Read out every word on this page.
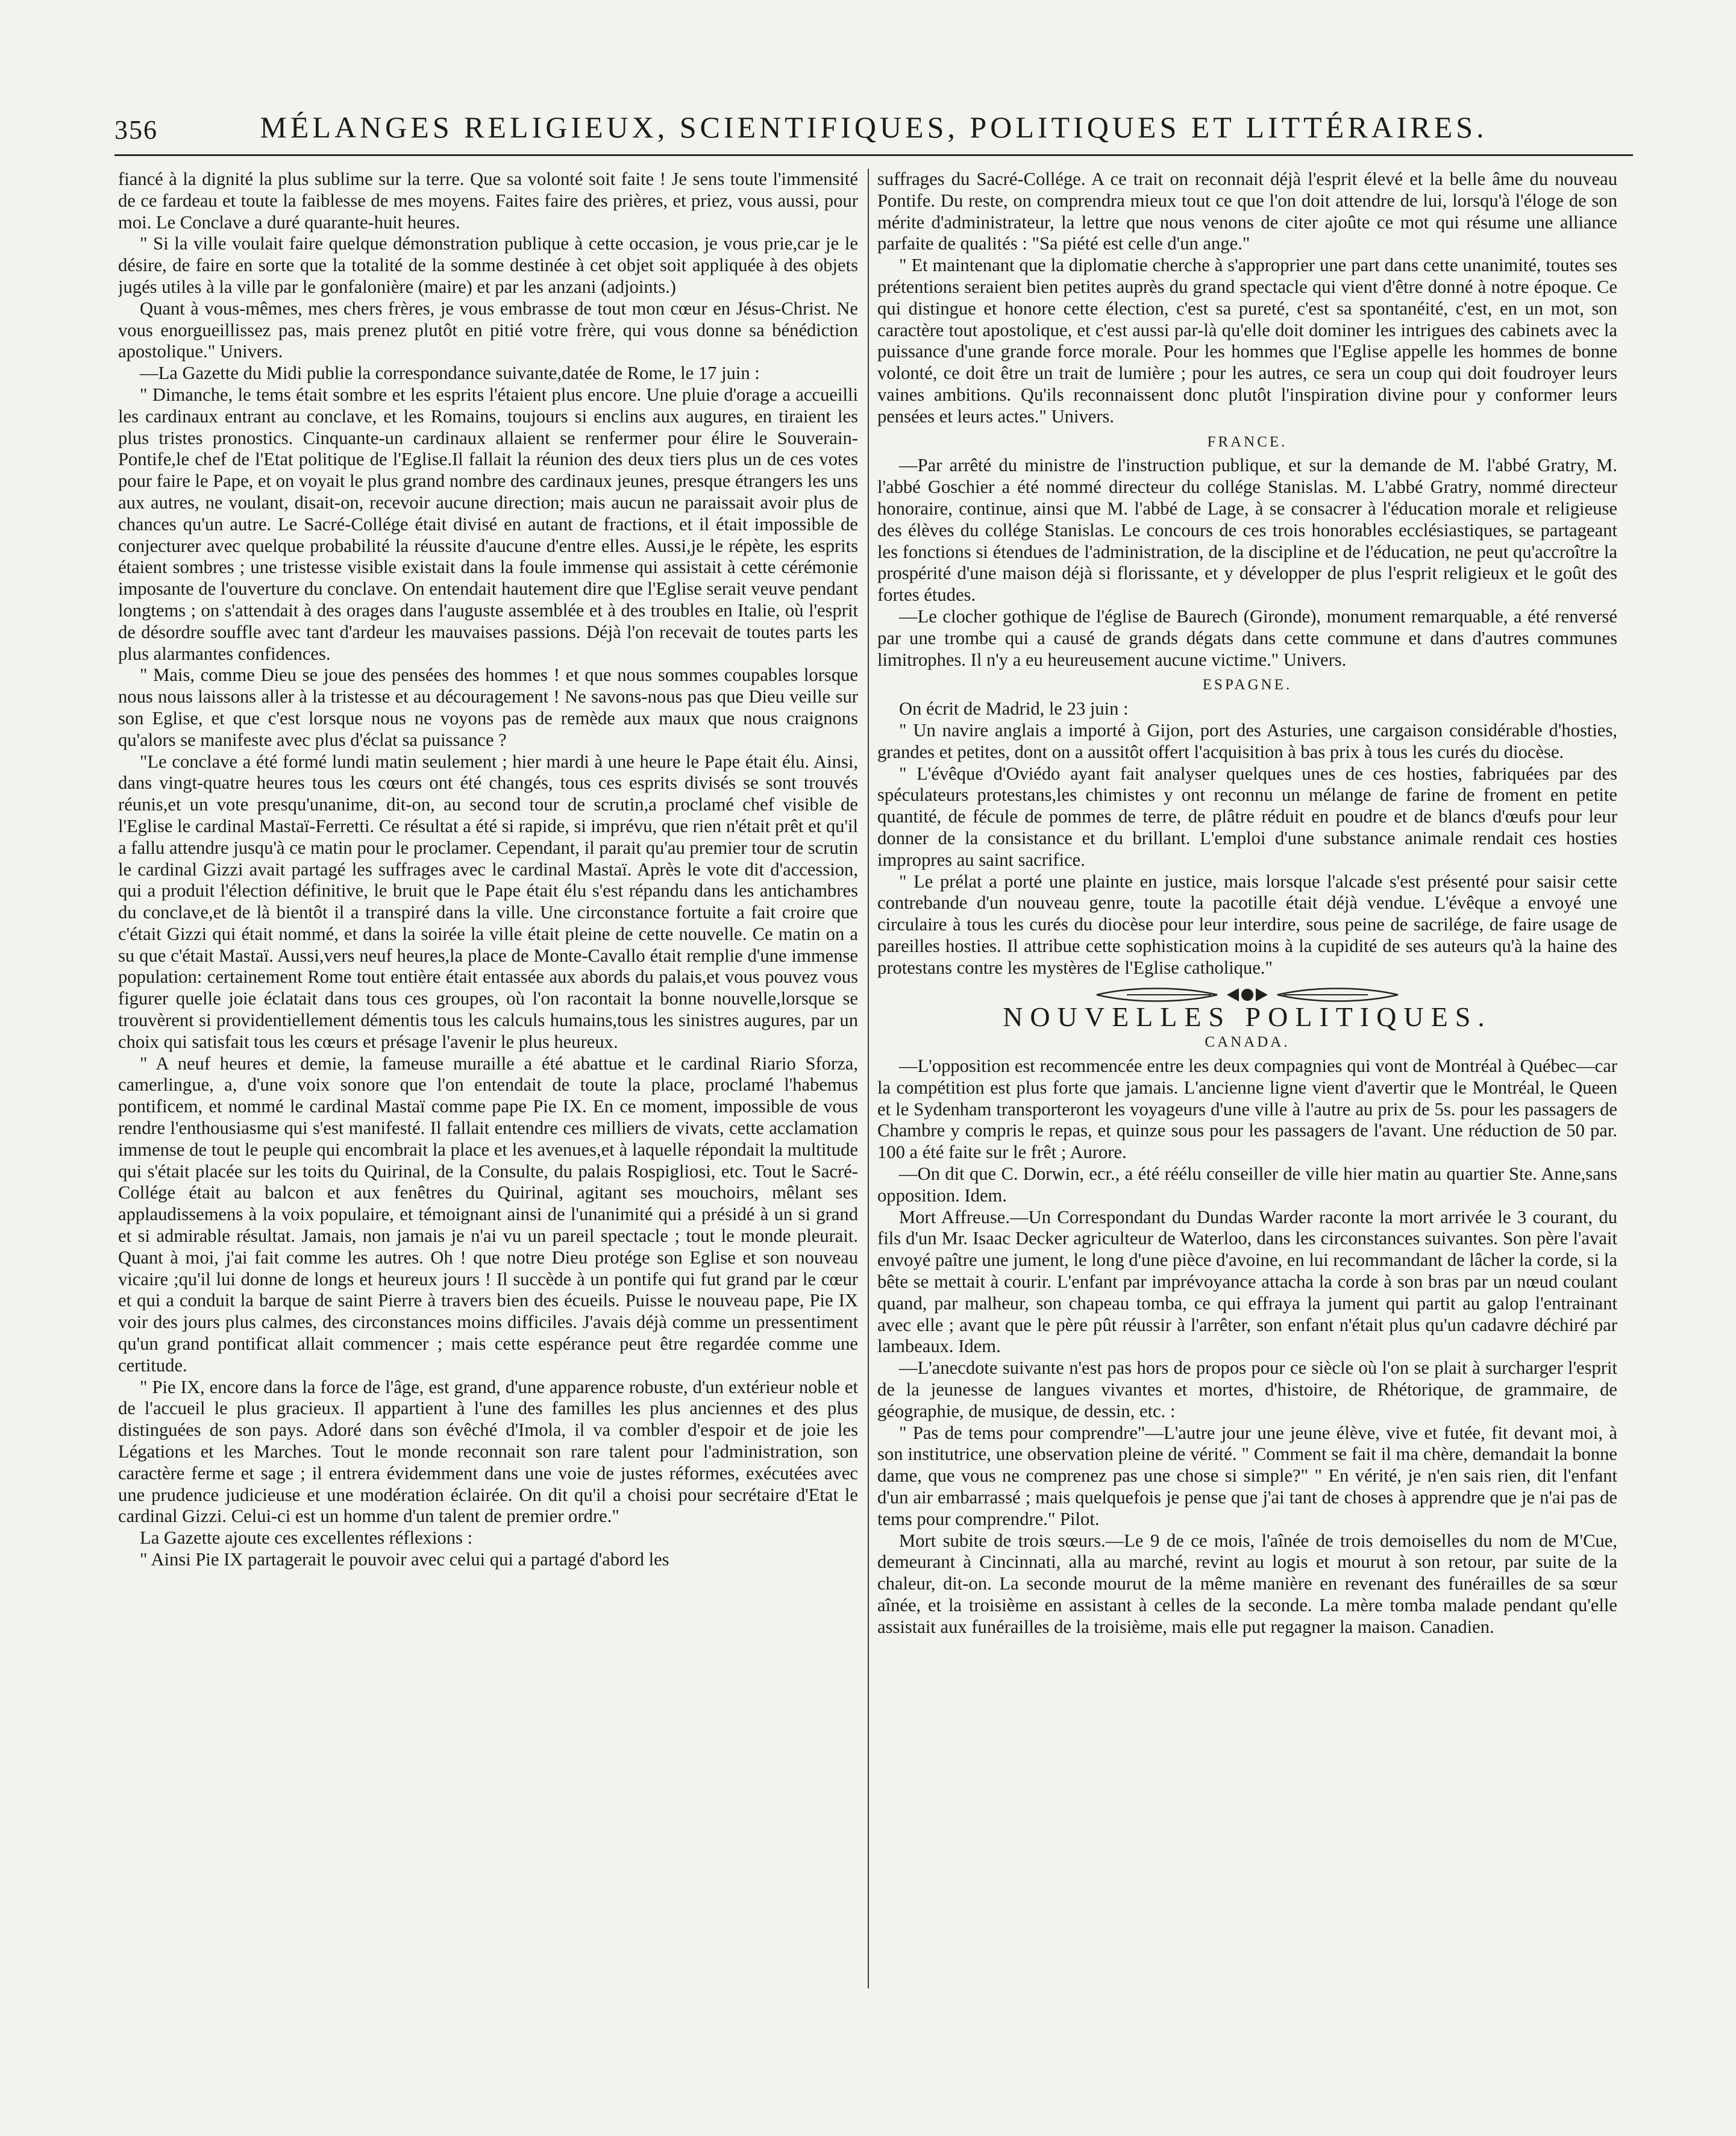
356	MÉLANGES RELIGIEUX, SCIENTIFIQUES, POLITIQUES ET LITTÉRAIRES.

fiancé à la dignité la plus sublime sur la terre. Que sa volonté soit faite ! Je sens toute l'immensité de ce fardeau et toute la faiblesse de mes moyens. Faites faire des prières, et priez, vous aussi, pour moi. Le Conclave a duré quarante-huit heures.

" Si la ville voulait faire quelque démonstration publique à cette occasion, je vous prie,car je le désire, de faire en sorte que la totalité de la somme destinée à cet objet soit appliquée à des objets jugés utiles à la ville par le gonfalonière (maire) et par les anzani (adjoints.)

Quant à vous-mêmes, mes chers frères, je vous embrasse de tout mon cœur en Jésus-Christ. Ne vous enorgueillissez pas, mais prenez plutôt en pitié votre frère, qui vous donne sa bénédiction apostolique." Univers.

—La Gazette du Midi publie la correspondance suivante,datée de Rome, le 17 juin :

" Dimanche, le tems était sombre et les esprits l'étaient plus encore. Une pluie d'orage a accueilli les cardinaux entrant au conclave, et les Romains, toujours si enclins aux augures, en tiraient les plus tristes pronostics. Cinquante-un cardinaux allaient se renfermer pour élire le Souverain-Pontife,le chef de l'Etat politique de l'Eglise.Il fallait la réunion des deux tiers plus un de ces votes pour faire le Pape, et on voyait le plus grand nombre des cardinaux jeunes, presque étrangers les uns aux autres, ne voulant, disait-on, recevoir aucune direction; mais aucun ne paraissait avoir plus de chances qu'un autre. Le Sacré-Collége était divisé en autant de fractions, et il était impossible de conjecturer avec quelque probabilité la réussite d'aucune d'entre elles. Aussi,je le répète, les esprits étaient sombres ; une tristesse visible existait dans la foule immense qui assistait à cette cérémonie imposante de l'ouverture du conclave. On entendait hautement dire que l'Eglise serait veuve pendant longtems ; on s'attendait à des orages dans l'auguste assemblée et à des troubles en Italie, où l'esprit de désordre souffle avec tant d'ardeur les mauvaises passions. Déjà l'on recevait de toutes parts les plus alarmantes confidences.

" Mais, comme Dieu se joue des pensées des hommes ! et que nous sommes coupables lorsque nous nous laissons aller à la tristesse et au découragement ! Ne savons-nous pas que Dieu veille sur son Eglise, et que c'est lorsque nous ne voyons pas de remède aux maux que nous craignons qu'alors se manifeste avec plus d'éclat sa puissance ?

"Le conclave a été formé lundi matin seulement ; hier mardi à une heure le Pape était élu. Ainsi, dans vingt-quatre heures tous les cœurs ont été changés, tous ces esprits divisés se sont trouvés réunis,et un vote presqu'unanime, dit-on, au second tour de scrutin,a proclamé chef visible de l'Eglise le cardinal Mastaï-Ferretti. Ce résultat a été si rapide, si imprévu, que rien n'était prêt et qu'il a fallu attendre jusqu'à ce matin pour le proclamer. Cependant, il parait qu'au premier tour de scrutin le cardinal Gizzi avait partagé les suffrages avec le cardinal Mastaï. Après le vote dit d'accession, qui a produit l'élection définitive, le bruit que le Pape était élu s'est répandu dans les antichambres du conclave,et de là bientôt il a transpiré dans la ville. Une circonstance fortuite a fait croire que c'était Gizzi qui était nommé, et dans la soirée la ville était pleine de cette nouvelle. Ce matin on a su que c'était Mastaï. Aussi,vers neuf heures,la place de Monte-Cavallo était remplie d'une immense population: certainement Rome tout entière était entassée aux abords du palais,et vous pouvez vous figurer quelle joie éclatait dans tous ces groupes, où l'on racontait la bonne nouvelle,lorsque se trouvèrent si providentiellement démentis tous les calculs humains,tous les sinistres augures, par un choix qui satisfait tous les cœurs et présage l'avenir le plus heureux.

" A neuf heures et demie, la fameuse muraille a été abattue et le cardinal Riario Sforza, camerlingue, a, d'une voix sonore que l'on entendait de toute la place, proclamé l'habemus pontificem, et nommé le cardinal Mastaï comme pape Pie IX. En ce moment, impossible de vous rendre l'enthousiasme qui s'est manifesté. Il fallait entendre ces milliers de vivats, cette acclamation immense de tout le peuple qui encombrait la place et les avenues,et à laquelle répondait la multitude qui s'était placée sur les toits du Quirinal, de la Consulte, du palais Rospigliosi, etc. Tout le Sacré-Collége était au balcon et aux fenêtres du Quirinal, agitant ses mouchoirs, mêlant ses applaudissemens à la voix populaire, et témoignant ainsi de l'unanimité qui a présidé à un si grand et si admirable résultat. Jamais, non jamais je n'ai vu un pareil spectacle ; tout le monde pleurait. Quant à moi, j'ai fait comme les autres. Oh ! que notre Dieu protége son Eglise et son nouveau vicaire ;qu'il lui donne de longs et heureux jours ! Il succède à un pontife qui fut grand par le cœur et qui a conduit la barque de saint Pierre à travers bien des écueils. Puisse le nouveau pape, Pie IX voir des jours plus calmes, des circonstances moins difficiles. J'avais déjà comme un pressentiment qu'un grand pontificat allait commencer ; mais cette espérance peut être regardée comme une certitude.

" Pie IX, encore dans la force de l'âge, est grand, d'une apparence robuste, d'un extérieur noble et de l'accueil le plus gracieux. Il appartient à l'une des familles les plus anciennes et des plus distinguées de son pays. Adoré dans son évêché d'Imola, il va combler d'espoir et de joie les Légations et les Marches. Tout le monde reconnait son rare talent pour l'administration, son caractère ferme et sage ; il entrera évidemment dans une voie de justes réformes, exécutées avec une prudence judicieuse et une modération éclairée. On dit qu'il a choisi pour secrétaire d'Etat le cardinal Gizzi. Celui-ci est un homme d'un talent de premier ordre."

La Gazette ajoute ces excellentes réflexions :

" Ainsi Pie IX partagerait le pouvoir avec celui qui a partagé d'abord les

suffrages du Sacré-Collége. A ce trait on reconnait déjà l'esprit élevé et la belle âme du nouveau Pontife. Du reste, on comprendra mieux tout ce que l'on doit attendre de lui, lorsqu'à l'éloge de son mérite d'administrateur, la lettre que nous venons de citer ajoûte ce mot qui résume une alliance parfaite de qualités : "Sa piété est celle d'un ange."

" Et maintenant que la diplomatie cherche à s'approprier une part dans cette unanimité, toutes ses prétentions seraient bien petites auprès du grand spectacle qui vient d'être donné à notre époque. Ce qui distingue et honore cette élection, c'est sa pureté, c'est sa spontanéité, c'est, en un mot, son caractère tout apostolique, et c'est aussi par-là qu'elle doit dominer les intrigues des cabinets avec la puissance d'une grande force morale. Pour les hommes que l'Eglise appelle les hommes de bonne volonté, ce doit être un trait de lumière ; pour les autres, ce sera un coup qui doit foudroyer leurs vaines ambitions. Qu'ils reconnaissent donc plutôt l'inspiration divine pour y conformer leurs pensées et leurs actes." Univers.

FRANCE.

—Par arrêté du ministre de l'instruction publique, et sur la demande de M. l'abbé Gratry, M. l'abbé Goschier a été nommé directeur du collége Stanislas. M. L'abbé Gratry, nommé directeur honoraire, continue, ainsi que M. l'abbé de Lage, à se consacrer à l'éducation morale et religieuse des élèves du collége Stanislas. Le concours de ces trois honorables ecclésiastiques, se partageant les fonctions si étendues de l'administration, de la discipline et de l'éducation, ne peut qu'accroître la prospérité d'une maison déjà si florissante, et y développer de plus l'esprit religieux et le goût des fortes études.

—Le clocher gothique de l'église de Baurech (Gironde), monument remarquable, a été renversé par une trombe qui a causé de grands dégats dans cette commune et dans d'autres communes limitrophes. Il n'y a eu heureusement aucune victime." Univers.

ESPAGNE.

On écrit de Madrid, le 23 juin :

" Un navire anglais a importé à Gijon, port des Asturies, une cargaison considérable d'hosties, grandes et petites, dont on a aussitôt offert l'acquisition à bas prix à tous les curés du diocèse.

" L'évêque d'Oviédo ayant fait analyser quelques unes de ces hosties, fabriquées par des spéculateurs protestans,les chimistes y ont reconnu un mélange de farine de froment en petite quantité, de fécule de pommes de terre, de plâtre réduit en poudre et de blancs d'œufs pour leur donner de la consistance et du brillant. L'emploi d'une substance animale rendait ces hosties impropres au saint sacrifice.

" Le prélat a porté une plainte en justice, mais lorsque l'alcade s'est présenté pour saisir cette contrebande d'un nouveau genre, toute la pacotille était déjà vendue. L'évêque a envoyé une circulaire à tous les curés du diocèse pour leur interdire, sous peine de sacrilége, de faire usage de pareilles hosties. Il attribue cette sophistication moins à la cupidité de ses auteurs qu'à la haine des protestans contre les mystères de l'Eglise catholique."

NOUVELLES POLITIQUES.
CANADA.

—L'opposition est recommencée entre les deux compagnies qui vont de Montréal à Québec—car la compétition est plus forte que jamais. L'ancienne ligne vient d'avertir que le Montréal, le Queen et le Sydenham transporteront les voyageurs d'une ville à l'autre au prix de 5s. pour les passagers de Chambre y compris le repas, et quinze sous pour les passagers de l'avant. Une réduction de 50 par. 100 a été faite sur le frêt ; Aurore.

—On dit que C. Dorwin, ecr., a été réélu conseiller de ville hier matin au quartier Ste. Anne,sans opposition. Idem.

Mort Affreuse.—Un Correspondant du Dundas Warder raconte la mort arrivée le 3 courant, du fils d'un Mr. Isaac Decker agriculteur de Waterloo, dans les circonstances suivantes. Son père l'avait envoyé paître une jument, le long d'une pièce d'avoine, en lui recommandant de lâcher la corde, si la bête se mettait à courir. L'enfant par imprévoyance attacha la corde à son bras par un nœud coulant quand, par malheur, son chapeau tomba, ce qui effraya la jument qui partit au galop l'entrainant avec elle ; avant que le père pût réussir à l'arrêter, son enfant n'était plus qu'un cadavre déchiré par lambeaux. Idem.

—L'anecdote suivante n'est pas hors de propos pour ce siècle où l'on se plait à surcharger l'esprit de la jeunesse de langues vivantes et mortes, d'histoire, de Rhétorique, de grammaire, de géographie, de musique, de dessin, etc. :

" Pas de tems pour comprendre"—L'autre jour une jeune élève, vive et futée, fit devant moi, à son institutrice, une observation pleine de vérité. " Comment se fait il ma chère, demandait la bonne dame, que vous ne comprenez pas une chose si simple?" " En vérité, je n'en sais rien, dit l'enfant d'un air embarrassé ; mais quelquefois je pense que j'ai tant de choses à apprendre que je n'ai pas de tems pour comprendre." Pilot.

Mort subite de trois sœurs.—Le 9 de ce mois, l'aînée de trois demoiselles du nom de M'Cue, demeurant à Cincinnati, alla au marché, revint au logis et mourut à son retour, par suite de la chaleur, dit-on. La seconde mourut de la même manière en revenant des funérailles de sa sœur aînée, et la troisième en assistant à celles de la seconde. La mère tomba malade pendant qu'elle assistait aux funérailles de la troisième, mais elle put regagner la maison. Canadien.
